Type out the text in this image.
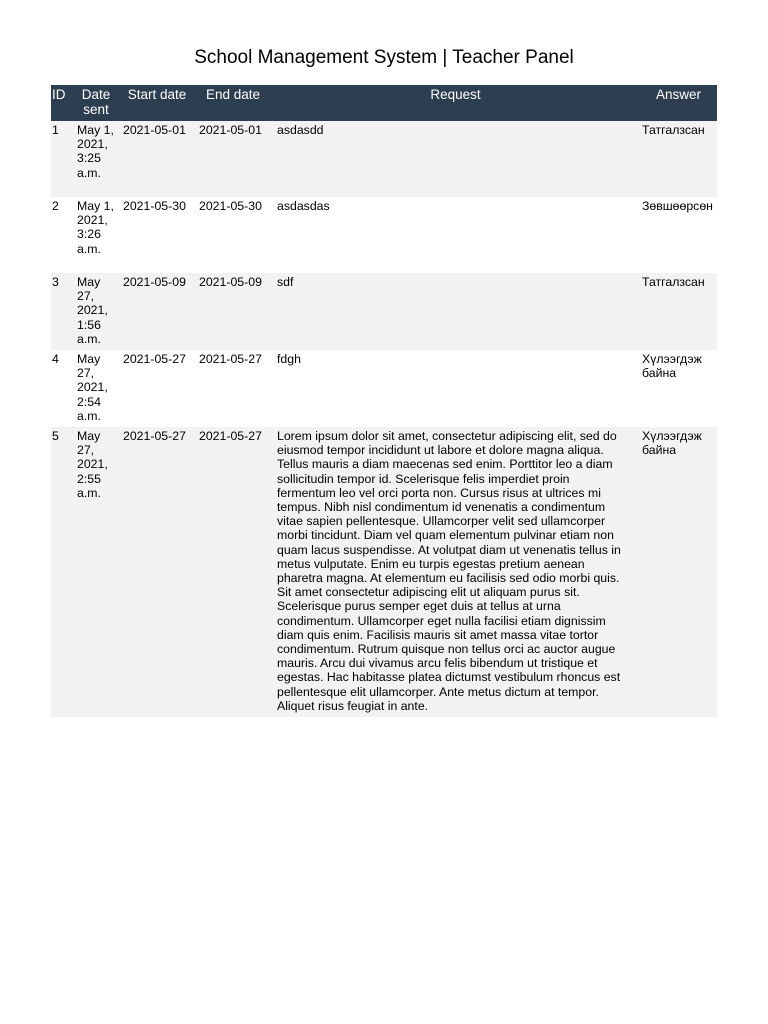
School Management System | Teacher Panel
ID	Date sent	Start date	End date	Request	Answer
1	May 1, 2021, 3:25 a.m.	2021-05-01	2021-05-01	asdasdd	Татгалзсан
2	May 1, 2021, 3:26 a.m.	2021-05-30	2021-05-30	asdasdas	Зөвшөөрсөн
3	May 27, 2021, 1:56 a.m.	2021-05-09	2021-05-09	sdf	Татгалзсан
4	May 27, 2021, 2:54 a.m.	2021-05-27	2021-05-27	fdgh	Хүлээгдэж байна
5	May 27, 2021, 2:55 a.m.	2021-05-27	2021-05-27	Lorem ipsum dolor sit amet, consectetur adipiscing elit, sed do eiusmod tempor incididunt ut labore et dolore magna aliqua. Tellus mauris a diam maecenas sed enim. Porttitor leo a diam sollicitudin tempor id. Scelerisque felis imperdiet proin fermentum leo vel orci porta non. Cursus risus at ultrices mi tempus. Nibh nisl condimentum id venenatis a condimentum vitae sapien pellentesque. Ullamcorper velit sed ullamcorper morbi tincidunt. Diam vel quam elementum pulvinar etiam non quam lacus suspendisse. At volutpat diam ut venenatis tellus in metus vulputate. Enim eu turpis egestas pretium aenean pharetra magna. At elementum eu facilisis sed odio morbi quis. Sit amet consectetur adipiscing elit ut aliquam purus sit. Scelerisque purus semper eget duis at tellus at urna condimentum. Ullamcorper eget nulla facilisi etiam dignissim diam quis enim. Facilisis mauris sit amet massa vitae tortor condimentum. Rutrum quisque non tellus orci ac auctor augue mauris. Arcu dui vivamus arcu felis bibendum ut tristique et egestas. Hac habitasse platea dictumst vestibulum rhoncus est pellentesque elit ullamcorper. Ante metus dictum at tempor. Aliquet risus feugiat in ante.	Хүлээгдэж байна
